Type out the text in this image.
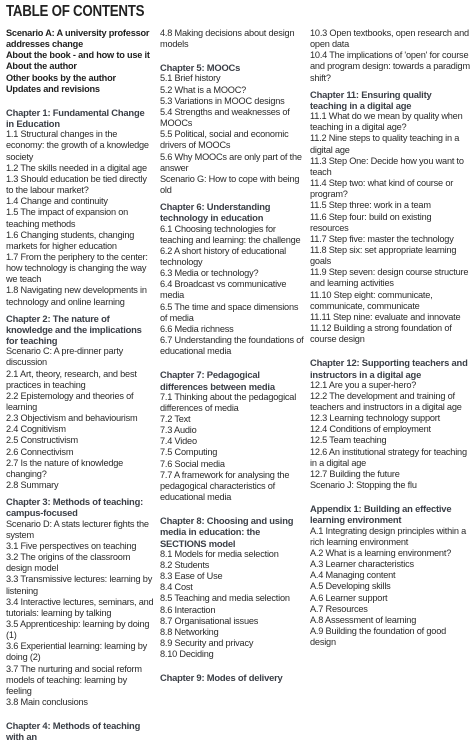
TABLE OF CONTENTS
Scenario A: A university professor addresses change
About the book - and how to use it
About the author
Other books by the author
Updates and revisions
Chapter 1: Fundamental Change in Education
1.1 Structural changes in the economy: the growth of a knowledge society
1.2 The skills needed in a digital age
1.3 Should education be tied directly to the labour market?
1.4 Change and continuity
1.5 The impact of expansion on teaching methods
1.6 Changing students, changing markets for higher education
1.7 From the periphery to the center: how technology is changing the way we teach
1.8 Navigating new developments in technology and online learning
Chapter 2: The nature of knowledge and the implications for teaching
Scenario C: A pre-dinner party discussion
2.1 Art, theory, research, and best practices in teaching
2.2 Epistemology and theories of learning
2.3 Objectivism and behaviourism
2.4 Cognitivism
2.5 Constructivism
2.6 Connectivism
2.7 Is the nature of knowledge changing?
2.8 Summary
Chapter 3: Methods of teaching: campus-focused
Scenario D: A stats lecturer fights the system
3.1 Five perspectives on teaching
3.2 The origins of the classroom design model
3.3 Transmissive lectures: learning by listening
3.4 Interactive lectures, seminars, and tutorials: learning by talking
3.5 Apprenticeship: learning by doing (1)
3.6 Experiential learning: learning by doing (2)
3.7 The nurturing and social reform models of teaching: learning by feeling
3.8 Main conclusions
Chapter 4: Methods of teaching with an
4.8 Making decisions about design models
Chapter 5: MOOCs
5.1 Brief history
5.2 What is a MOOC?
5.3 Variations in MOOC designs
5.4 Strengths and weaknesses of MOOCs
5.5 Political, social and economic drivers of MOOCs
5.6 Why MOOCs are only part of the answer
Scenario G: How to cope with being old
Chapter 6: Understanding technology in education
6.1 Choosing technologies for teaching and learning: the challenge
6.2 A short history of educational technology
6.3 Media or technology?
6.4 Broadcast vs communicative media
6.5 The time and space dimensions of media
6.6 Media richness
6.7 Understanding the foundations of educational media
Chapter 7: Pedagogical differences between media
7.1 Thinking about the pedagogical differences of media
7.2 Text
7.3 Audio
7.4 Video
7.5 Computing
7.6 Social media
7.7 A framework for analysing the pedagogical characteristics of educational media
Chapter 8: Choosing and using media in education: the SECTIONS model
8.1 Models for media selection
8.2 Students
8.3 Ease of Use
8.4 Cost
8.5 Teaching and media selection
8.6 Interaction
8.7 Organisational issues
8.8 Networking
8.9 Security and privacy
8.10 Deciding
Chapter 9: Modes of delivery
10.3 Open textbooks, open research and open data
10.4 The implications of 'open' for course and program design: towards a paradigm shift?
Chapter 11: Ensuring quality teaching in a digital age
11.1 What do we mean by quality when teaching in a digital age?
11.2 Nine steps to quality teaching in a digital age
11.3 Step One: Decide how you want to teach
11.4 Step two: what kind of course or program?
11.5 Step three: work in a team
11.6 Step four: build on existing resources
11.7 Step five: master the technology
11.8 Step six: set appropriate learning goals
11.9 Step seven: design course structure and learning activities
11.10 Step eight: communicate, communicate, communicate
11.11 Step nine: evaluate and innovate
11.12 Building a strong foundation of course design
Chapter 12: Supporting teachers and instructors in a digital age
12.1 Are you a super-hero?
12.2 The development and training of teachers and instructors in a digital age
12.3 Learning technology support
12.4 Conditions of employment
12.5 Team teaching
12.6 An institutional strategy for teaching in a digital age
12.7 Building the future
Scenario J: Stopping the flu
Appendix 1: Building an effective learning environment
A.1 Integrating design principles within a rich learning environment
A.2 What is a learning environment?
A.3 Learner characteristics
A.4 Managing content
A.5 Developing skills
A.6 Learner support
A.7 Resources
A.8 Assessment of learning
A.9 Building the foundation of good design
